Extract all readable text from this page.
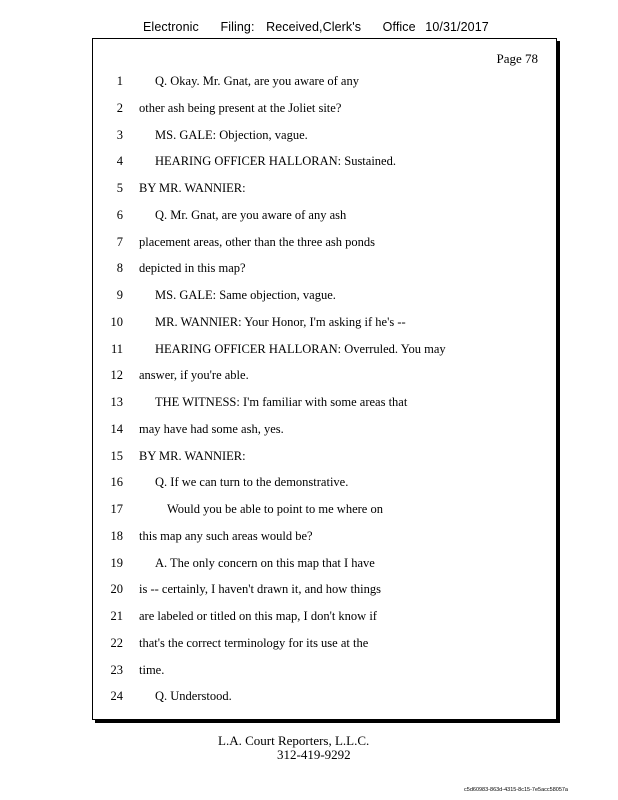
Electronic Filing: Received,Clerk's Office 10/31/2017
Page 78
1	Q. Okay. Mr. Gnat, are you aware of any
2 other ash being present at the Joliet site?
3	MS. GALE: Objection, vague.
4	HEARING OFFICER HALLORAN: Sustained.
5 BY MR. WANNIER:
6	Q. Mr. Gnat, are you aware of any ash
7 placement areas, other than the three ash ponds
8 depicted in this map?
9	MS. GALE: Same objection, vague.
10	MR. WANNIER: Your Honor, I'm asking if he's --
11	HEARING OFFICER HALLORAN: Overruled. You may
12 answer, if you're able.
13	THE WITNESS: I'm familiar with some areas that
14 may have had some ash, yes.
15 BY MR. WANNIER:
16	Q. If we can turn to the demonstrative.
17	Would you be able to point to me where on
18 this map any such areas would be?
19	A. The only concern on this map that I have
20 is -- certainly, I haven't drawn it, and how things
21 are labeled or titled on this map, I don't know if
22 that's the correct terminology for its use at the
23 time.
24	Q. Understood.
L.A. Court Reporters, L.L.C.
312-419-9292
c5d60983-863d-4315-8c15-7e5acc58057a
